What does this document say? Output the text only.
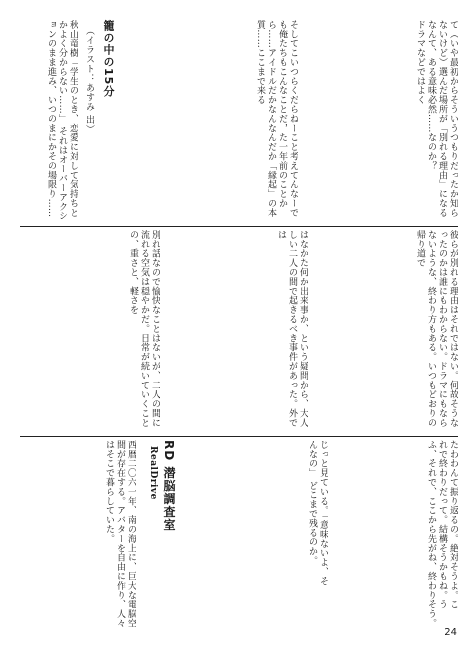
て（いや最初からそういうつもりだったか知らないけど）選んだ場所が「別れる理由」になるなんて、ある意味必然……なのか？
ドラマなどではよく
そしてこいつらくだらねーこと考えてんなーでも俺たちもこんなことだ，た一年前のことから……アイドルだかなんなんだか「縁起」の本質……ここまで来る
籠の中の15分
（イラスト：あすみ 出）
秋山竜樹「学生のとき、恋愛に対して気持ちとかよく分からない……」 それはオーバーアクションのまま進み、いつのまにかその場限り……
彼らが別れる理由はそれではない。何故そうなったのかは誰にもわからない。ドラマにもならないような、終わり方もある。いつもどおりの帰り道で
はなかた何か出来事か、という疑問から、大人しい二人の間で起きるべき事件があった。外では
別れ話なので愉快なことはないが、二人の間に流れる空気は穏やかだ。日常が続いていくことの、重さと、軽さを
たわわんて振り返るの。絶対そうよ。こ
れで終わりだって。結構そうかもね。う
ふ、それで、ここから先がね、終わりそう。
じっと見ている。「意味ないよ、そ
んなの」 どこまで残るのか。
RD 潜脳調査室
RealDrive
西暦二〇六一年、南の海上に、巨大な電脳空間が存在する。アバターを自由に作り、人々はそこで暮らしていた。
24
